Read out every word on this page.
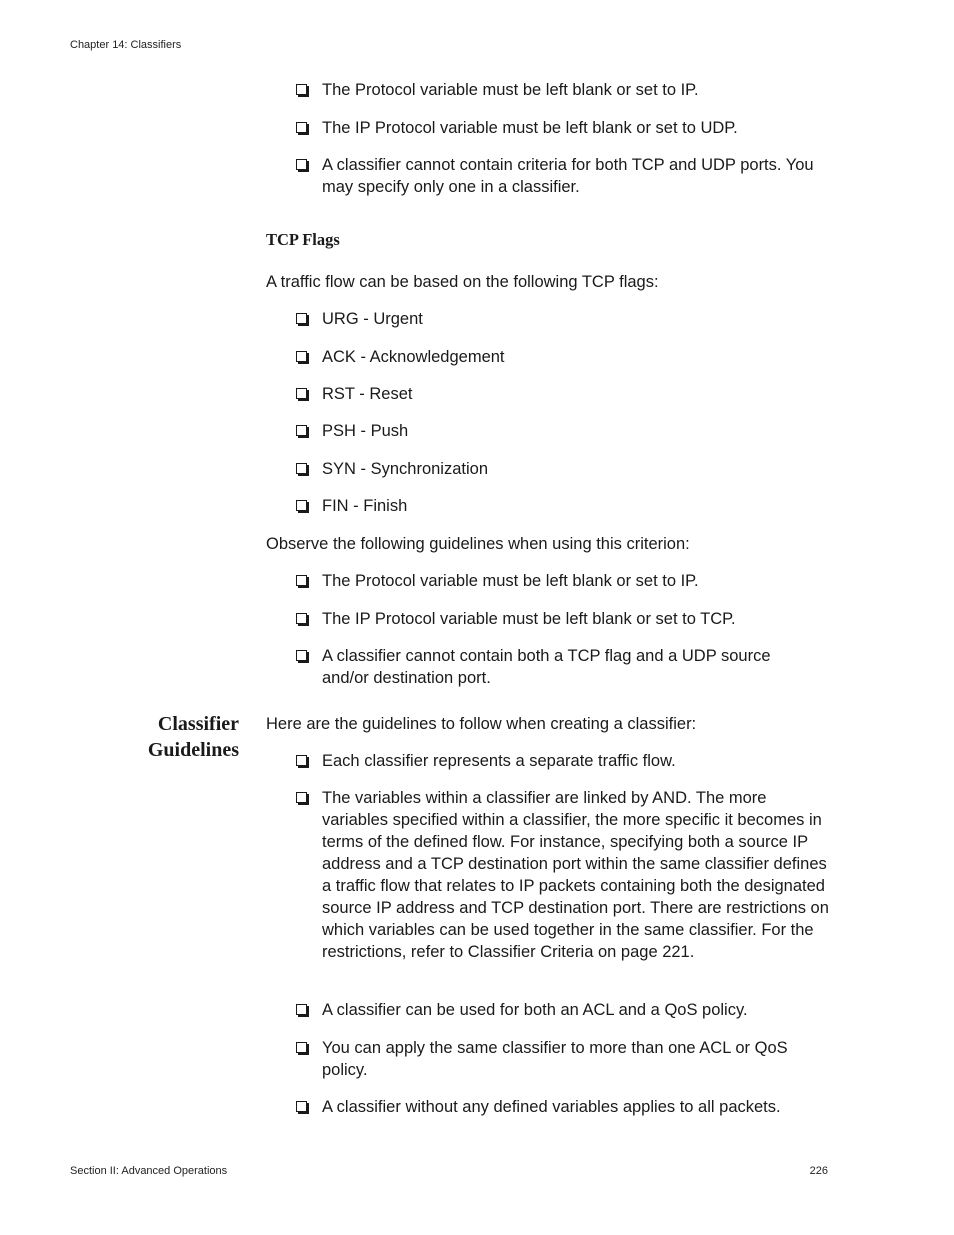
Chapter 14: Classifiers
The Protocol variable must be left blank or set to IP.
The IP Protocol variable must be left blank or set to UDP.
A classifier cannot contain criteria for both TCP and UDP ports. You may specify only one in a classifier.
TCP Flags
A traffic flow can be based on the following TCP flags:
URG - Urgent
ACK - Acknowledgement
RST - Reset
PSH - Push
SYN - Synchronization
FIN - Finish
Observe the following guidelines when using this criterion:
The Protocol variable must be left blank or set to IP.
The IP Protocol variable must be left blank or set to TCP.
A classifier cannot contain both a TCP flag and a UDP source and/or destination port.
Classifier
Guidelines
Here are the guidelines to follow when creating a classifier:
Each classifier represents a separate traffic flow.
The variables within a classifier are linked by AND. The more variables specified within a classifier, the more specific it becomes in terms of the defined flow. For instance, specifying both a source IP address and a TCP destination port within the same classifier defines a traffic flow that relates to IP packets containing both the designated source IP address and TCP destination port. There are restrictions on which variables can be used together in the same classifier. For the restrictions, refer to Classifier Criteria on page 221.
A classifier can be used for both an ACL and a QoS policy.
You can apply the same classifier to more than one ACL or QoS policy.
A classifier without any defined variables applies to all packets.
Section II: Advanced Operations	226
